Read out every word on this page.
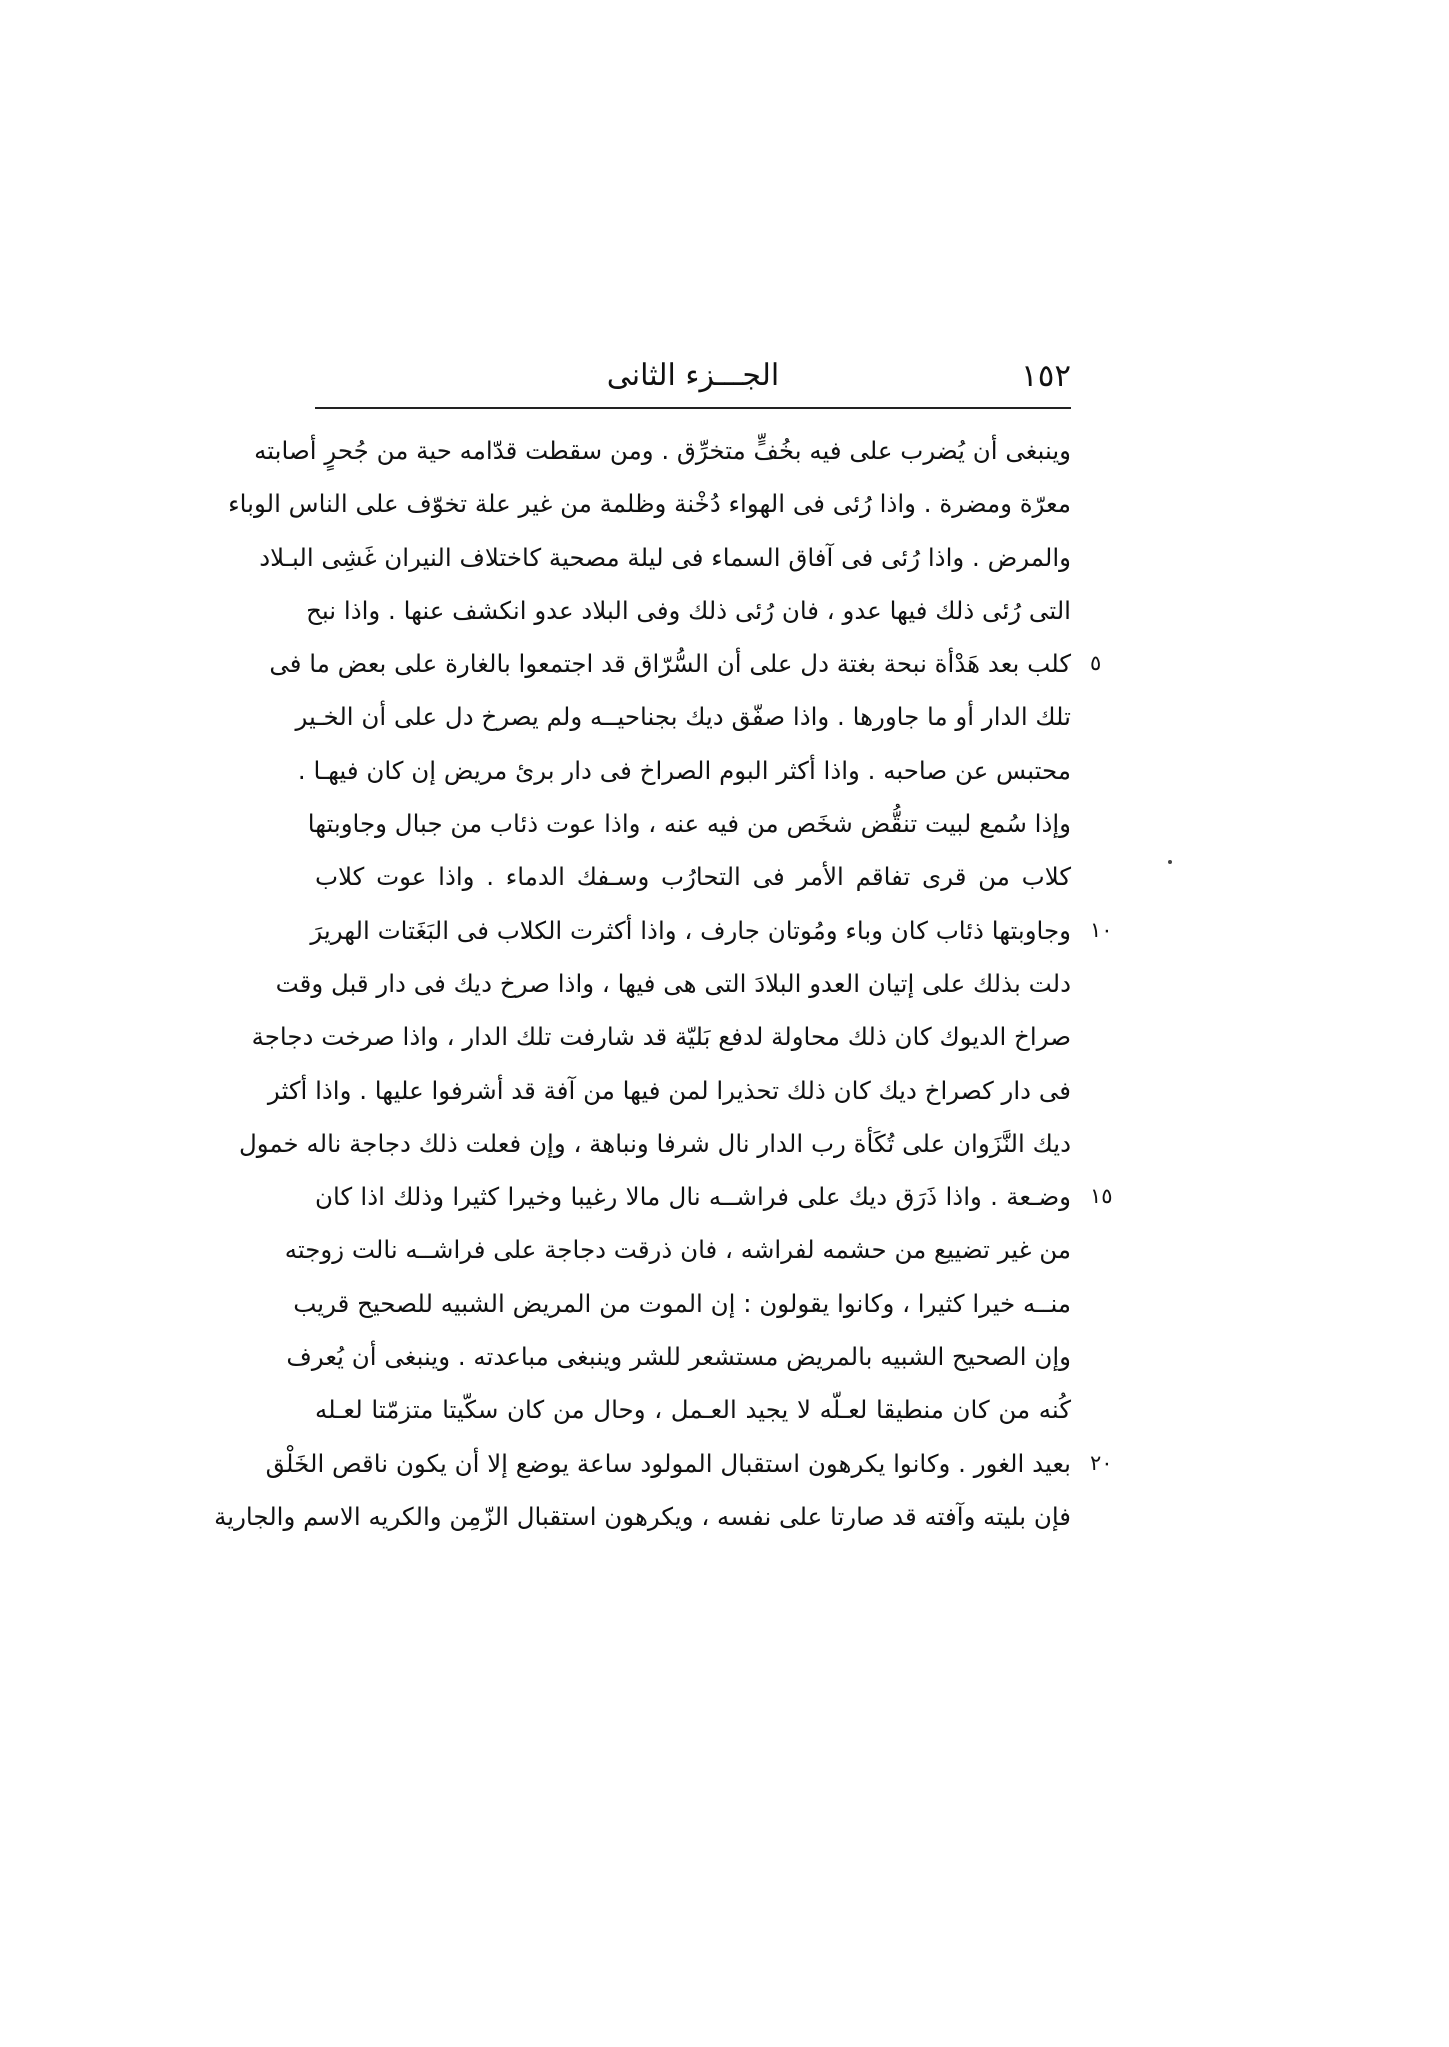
١٥٢
الجـــزء الثانى
وينبغى أن يُضرب على فيه بخُفٍّ متخرِّق . ومن سقطت قدّامه حية من جُحرٍ أصابته
معرّة ومضرة . واذا رُئى فى الهواء دُخْنة وظلمة من غير علة تخوّف على الناس الوباء
والمرض . واذا رُئى فى آفاق السماء فى ليلة مصحية كاختلاف النيران غَشِى البـلاد
التى رُئى ذلك فيها عدو ، فان رُئى ذلك وفى البلاد عدو انكشف عنها . واذا نبح
كلب بعد هَدْأة نبحة بغتة دل على أن السُّرّاق قد اجتمعوا بالغارة على بعض ما فى ٥
تلك الدار أو ما جاورها . واذا صفّق ديك بجناحيــه ولم يصرخ دل على أن الخـير
محتبس عن صاحبه . واذا أكثر البوم الصراخ فى دار برئ مريض إن كان فيهـا .
وإذا سُمع لبيت تنقُّض شخَص من فيه عنه ، واذا عوت ذئاب من جبال وجاوبتها
كلاب من قرى تفاقم الأمر فى التحارُب وسـفك الدماء . واذا عوت كلاب
وجاوبتها ذئاب كان وباء ومُوتان جارف ، واذا أكثرت الكلاب فى البَغَتات الهريرَ ١٠
دلت بذلك على إتيان العدو البلادَ التى هى فيها ، واذا صرخ ديك فى دار قبل وقت
صراخ الديوك كان ذلك محاولة لدفع بَليّة قد شارفت تلك الدار ، واذا صرخت دجاجة
فى دار كصراخ ديك كان ذلك تحذيرا لمن فيها من آفة قد أشرفوا عليها . واذا أكثر
ديك النَّزَوان على تُكَأة رب الدار نال شرفا ونباهة ، وإن فعلت ذلك دجاجة ناله خمول
وضـعة . واذا ذَرَق ديك على فراشــه نال مالا رغيبا وخيرا كثيرا وذلك اذا كان ١٥
من غير تضييع من حشمه لفراشه ، فان ذرقت دجاجة على فراشــه نالت زوجته
منــه خيرا كثيرا ، وكانوا يقولون : إن الموت من المريض الشبيه للصحيح قريب
وإن الصحيح الشبيه بالمريض مستشعر للشر وينبغى مباعدته . وينبغى أن يُعرف
كُنه من كان منطيقا لعـلّه لا يجيد العـمل ، وحال من كان سكّيتا متزمّتا لعـله
بعيد الغور . وكانوا يكرهون استقبال المولود ساعة يوضع إلا أن يكون ناقص الخَلْق ٢٠
فإن بليته وآفته قد صارتا على نفسه ، ويكرهون استقبال الزّمِن والكريه الاسم والجارية
